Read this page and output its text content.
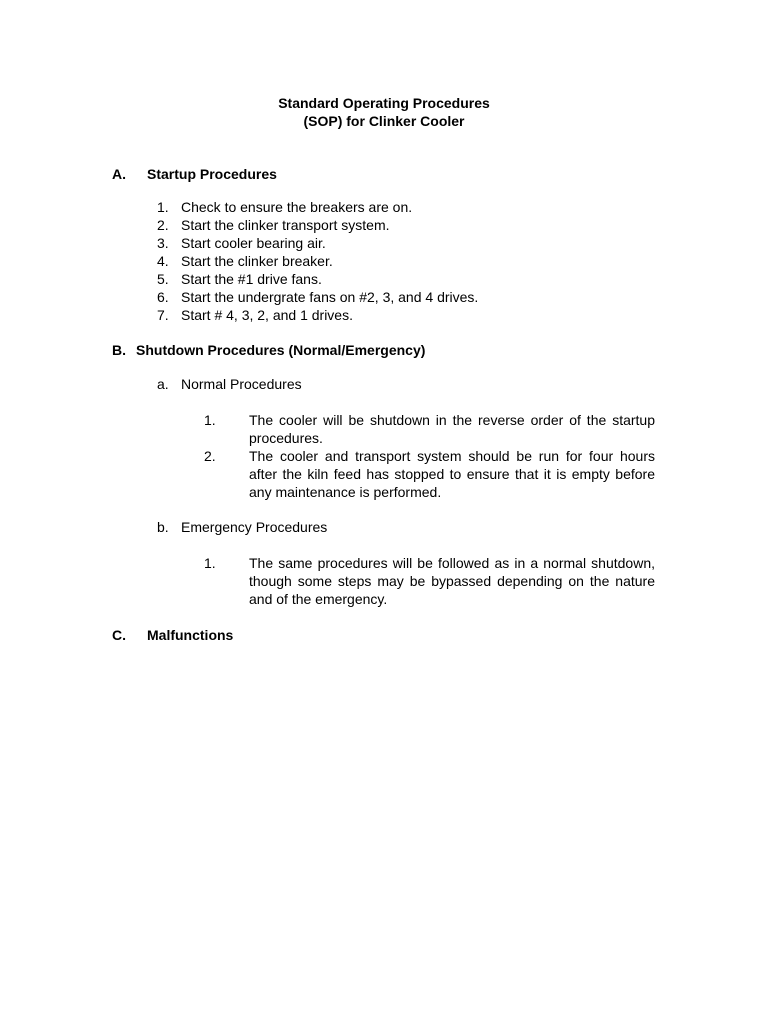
Standard Operating Procedures
(SOP) for Clinker Cooler
A. Startup Procedures
1. Check to ensure the breakers are on.
2. Start the clinker transport system.
3. Start cooler bearing air.
4. Start the clinker breaker.
5. Start the #1 drive fans.
6. Start the undergrate fans on #2, 3, and 4 drives.
7. Start # 4, 3, 2, and 1 drives.
B. Shutdown Procedures (Normal/Emergency)
a. Normal Procedures
1.	The cooler will be shutdown in the reverse order of the startup procedures.
2.	The cooler and transport system should be run for four hours after the kiln feed has stopped to ensure that it is empty before any maintenance is performed.
b. Emergency Procedures
1.	The same procedures will be followed as in a normal shutdown, though some steps may be bypassed depending on the nature and of the emergency.
C. Malfunctions
